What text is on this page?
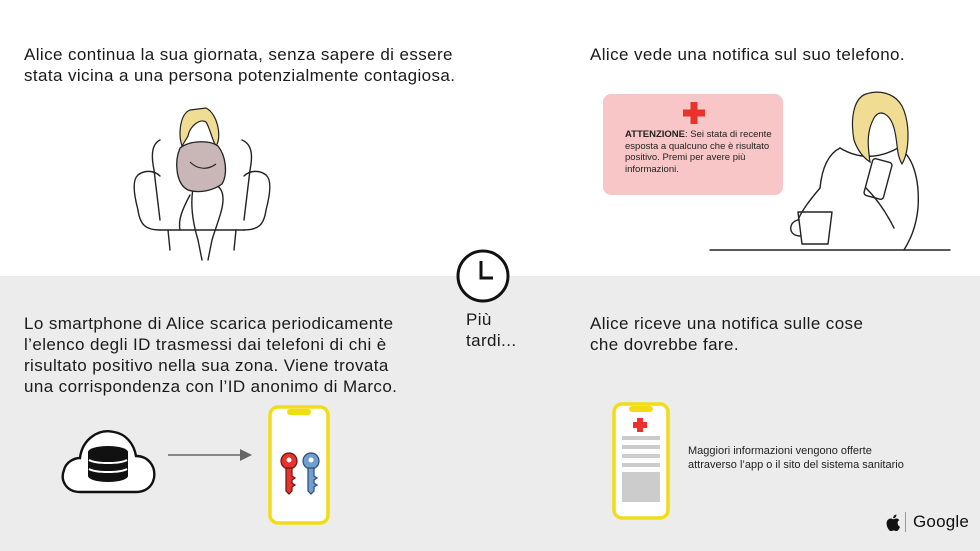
Alice continua la sua giornata, senza sapere di essere
stata vicina a una persona potenzialmente contagiosa.
Alice vede una notifica sul suo telefono.
ATTENZIONE: Sei stata di recente esposta a qualcuno che è risultato positivo. Premi per avere più informazioni.
Più
tardi...
Lo smartphone di Alice scarica periodicamente
l’elenco degli ID trasmessi dai telefoni di chi è
risultato positivo nella sua zona. Viene trovata
una corrispondenza con l’ID anonimo di Marco.
Alice riceve una notifica sulle cose
che dovrebbe fare.
Maggiori informazioni vengono offerte
attraverso l’app o il sito del sistema sanitario
Google
